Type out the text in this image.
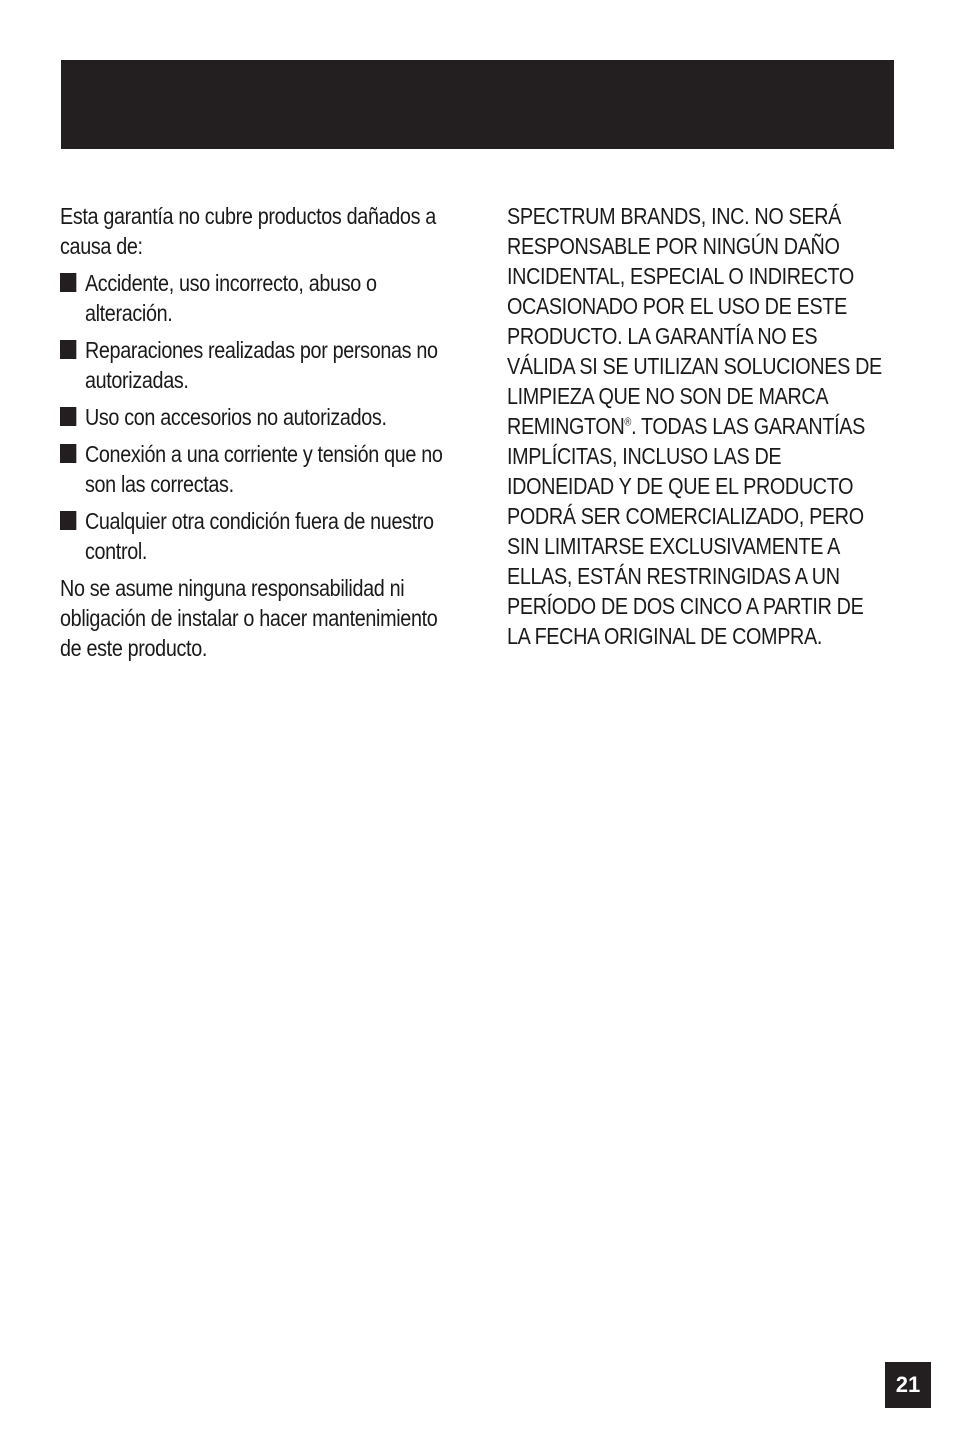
Esta garantía no cubre productos dañados a causa de:

Accidente, uso incorrecto, abuso o alteración.
Reparaciones realizadas por personas no autorizadas.
Uso con accesorios no autorizados.
Conexión a una corriente y tensión que no son las correctas.
Cualquier otra condición fuera de nuestro control.

No se asume ninguna responsabilidad ni obligación de instalar o hacer mantenimiento de este producto.

SPECTRUM BRANDS, INC. NO SERÁ RESPONSABLE POR NINGÚN DAÑO INCIDENTAL, ESPECIAL O INDIRECTO OCASIONADO POR EL USO DE ESTE PRODUCTO. LA GARANTÍA NO ES VÁLIDA SI SE UTILIZAN SOLUCIONES DE LIMPIEZA QUE NO SON DE MARCA REMINGTON®. TODAS LAS GARANTÍAS IMPLÍCITAS, INCLUSO LAS DE IDONEIDAD Y DE QUE EL PRODUCTO PODRÁ SER COMERCIALIZADO, PERO SIN LIMITARSE EXCLUSIVAMENTE A ELLAS, ESTÁN RESTRINGIDAS A UN PERÍODO DE DOS CINCO A PARTIR DE LA FECHA ORIGINAL DE COMPRA.

21
